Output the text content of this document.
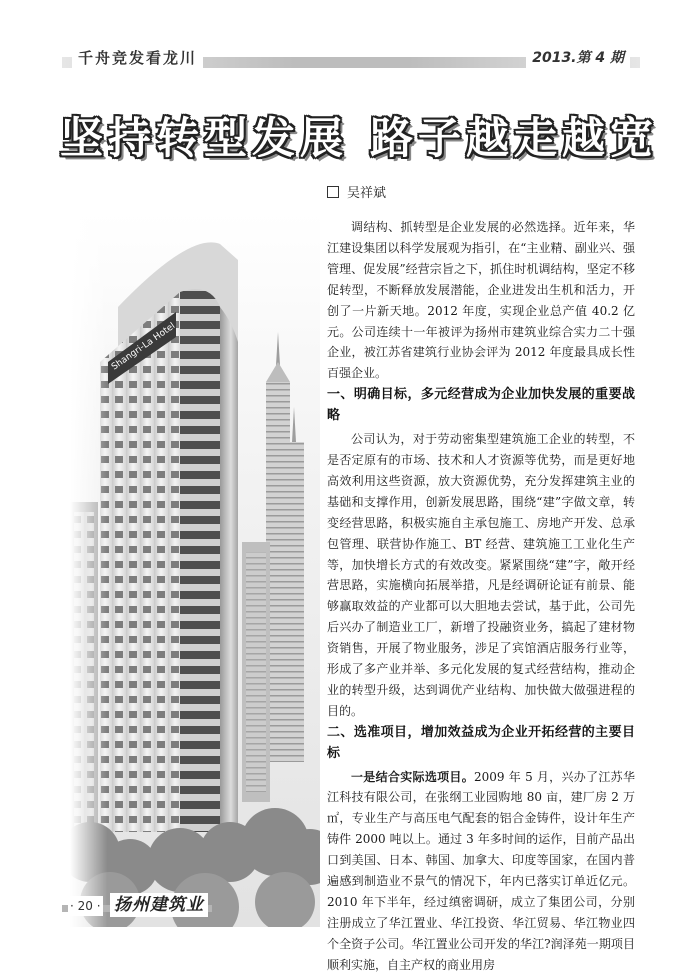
千舟竞发看龙川	2013.第 4 期
坚持转型发展 路子越走越宽
吴祥斌

调结构、抓转型是企业发展的必然选择。近年来，华江建设集团以科学发展观为指引，在“主业精、副业兴、强管理、促发展”经营宗旨之下，抓住时机调结构，坚定不移促转型，不断释放发展潜能，企业进发出生机和活力，开创了一片新天地。2012 年度，实现企业总产值 40.2 亿元。公司连续十一年被评为扬州市建筑业综合实力二十强企业，被江苏省建筑行业协会评为 2012 年度最具成长性百强企业。

一、明确目标，多元经营成为企业加快发展的重要战略

公司认为，对于劳动密集型建筑施工企业的转型，不是否定原有的市场、技术和人才资源等优势，而是更好地高效利用这些资源，放大资源优势，充分发挥建筑主业的基础和支撑作用，创新发展思路，围绕“建”字做文章，转变经营思路，积极实施自主承包施工、房地产开发、总承包管理、联营协作施工、BT 经营、建筑施工工业化生产等，加快增长方式的有效改变。紧紧围绕“建”字，敞开经营思路，实施横向拓展举措，凡是经调研论证有前景、能够赢取效益的产业都可以大胆地去尝试，基于此，公司先后兴办了制造业工厂，新增了投融资业务，搞起了建材物资销售，开展了物业服务，涉足了宾馆酒店服务行业等，形成了多产业并举、多元化发展的复式经营结构，推动企业的转型升级，达到调优产业结构、加快做大做强进程的目的。

二、选准项目，增加效益成为企业开拓经营的主要目标

一是结合实际选项目。2009 年 5 月，兴办了江苏华江科技有限公司，在张纲工业园购地 80 亩，建厂房 2 万 ㎡，专业生产与高压电气配套的铝合金铸件，设计年生产铸件 2000 吨以上。通过 3 年多时间的运作，目前产品出口到美国、日本、韩国、加拿大、印度等国家，在国内普遍感到制造业不景气的情况下，年内已落实订单近亿元。2010 年下半年，经过缜密调研，成立了集团公司，分别注册成立了华江置业、华江投资、华江贸易、华江物业四个全资子公司。华江置业公司开发的华江?润泽苑一期项目顺利实施，自主产权的商业用房

· 20 · 扬州建筑业
